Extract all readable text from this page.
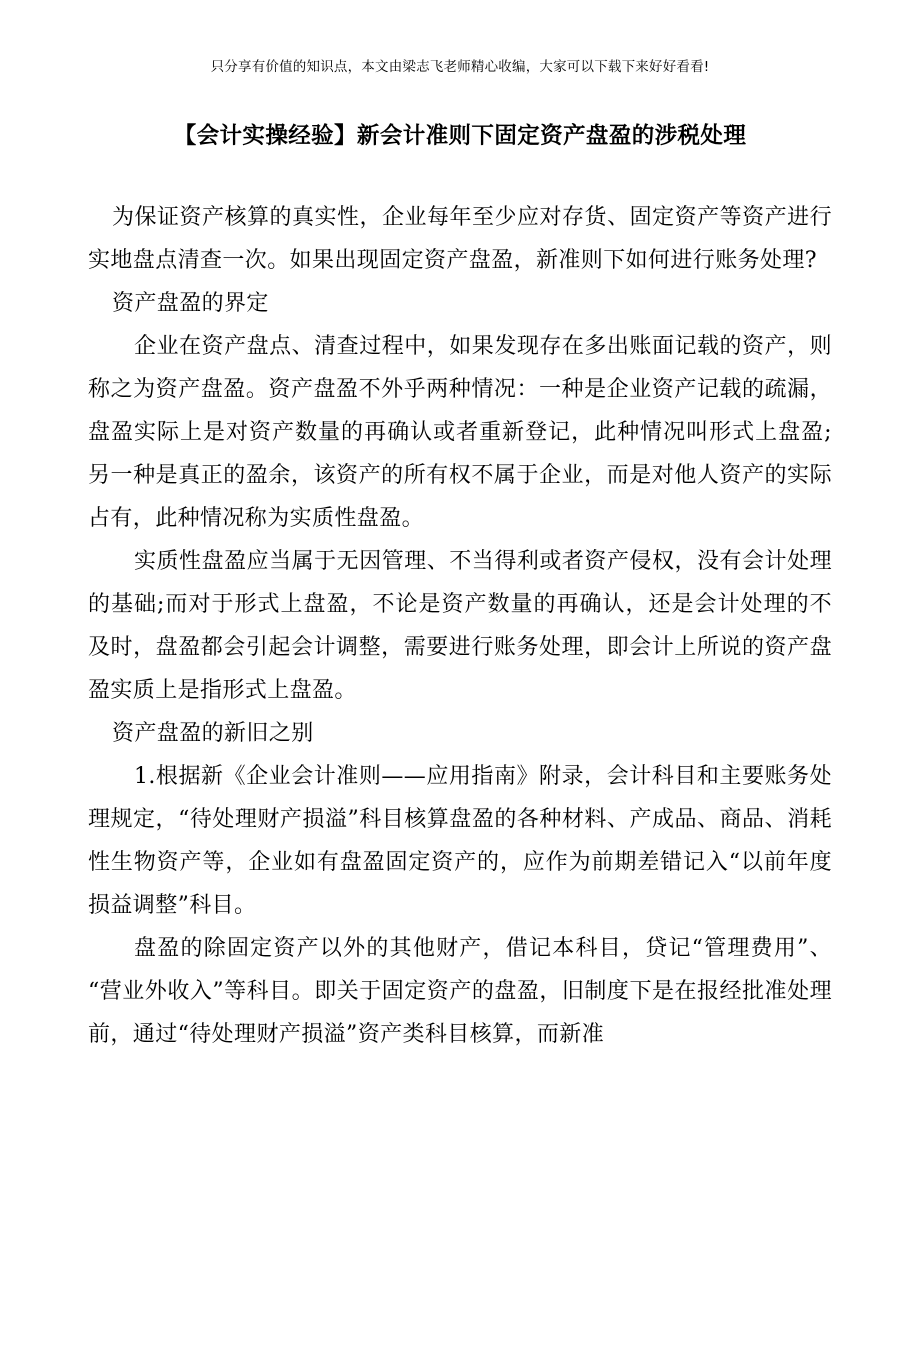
只分享有价值的知识点，本文由梁志飞老师精心收编，大家可以下载下来好好看看!
【会计实操经验】新会计准则下固定资产盘盈的涉税处理

为保证资产核算的真实性，企业每年至少应对存货、固定资产等资产进行实地盘点清查一次。如果出现固定资产盘盈，新准则下如何进行账务处理?

资产盘盈的界定

企业在资产盘点、清查过程中，如果发现存在多出账面记载的资产，则称之为资产盘盈。资产盘盈不外乎两种情况：一种是企业资产记载的疏漏，盘盈实际上是对资产数量的再确认或者重新登记，此种情况叫形式上盘盈;另一种是真正的盈余，该资产的所有权不属于企业，而是对他人资产的实际占有，此种情况称为实质性盘盈。

实质性盘盈应当属于无因管理、不当得利或者资产侵权，没有会计处理的基础;而对于形式上盘盈，不论是资产数量的再确认，还是会计处理的不及时，盘盈都会引起会计调整，需要进行账务处理，即会计上所说的资产盘盈实质上是指形式上盘盈。

资产盘盈的新旧之别

1.根据新《企业会计准则——应用指南》附录，会计科目和主要账务处理规定，“待处理财产损溢”科目核算盘盈的各种材料、产成品、商品、消耗性生物资产等，企业如有盘盈固定资产的，应作为前期差错记入“以前年度损益调整”科目。

盘盈的除固定资产以外的其他财产，借记本科目，贷记“管理费用”、“营业外收入”等科目。即关于固定资产的盘盈，旧制度下是在报经批准处理前，通过“待处理财产损溢”资产类科目核算，而新准
